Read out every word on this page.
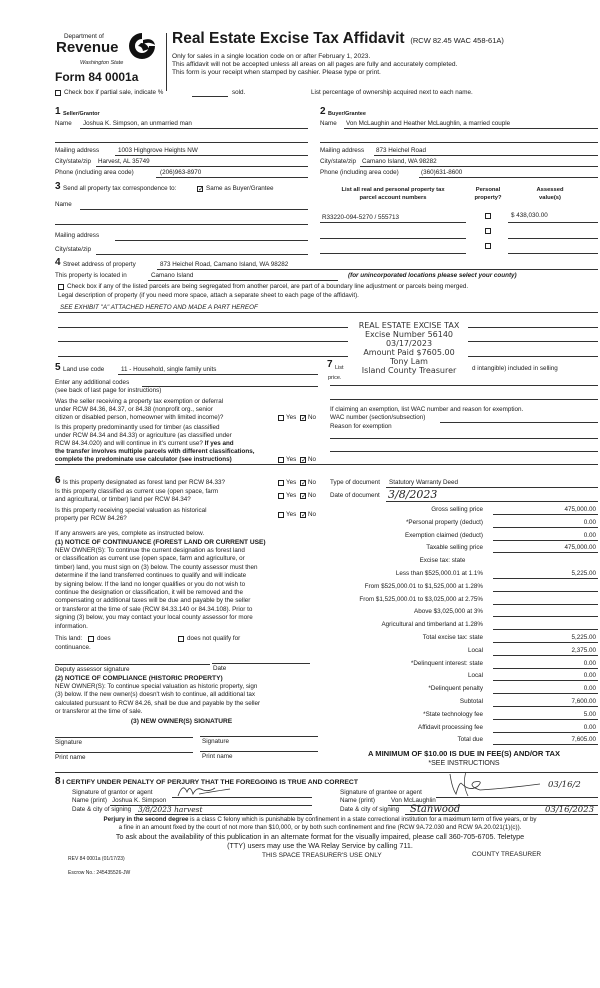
Department of
Revenue
Washington State
Form 84 0001a
Real Estate Excise Tax Affidavit (RCW 82.45 WAC 458-61A)
Only for sales in a single location code on or after February 1, 2023.
This affidavit will not be accepted unless all areas on all pages are fully and accurately completed.
This form is your receipt when stamped by cashier. Please type or print.
Check box if partial sale, indicate %	sold.	List percentage of ownership acquired next to each name.
1 Seller/Grantor
Name Joshua K. Simpson, an unmarried man
Mailing address	1003 Highgrove Heights NW
City/state/zip Harvest, AL 35749
Phone (including area code)	(206)963-8970
2 Buyer/Grantee
Name Von McLaughin and Heather McLaughlin, a married couple
Mailing address 873 Heichel Road
City/state/zip Camano Island, WA 98282
Phone (including area code)	(360)631-8600
3 Send all property tax correspondence to:	✓ Same as Buyer/Grantee
Name
Mailing address
City/state/zip
List all real and personal property tax
parcel account numbers
Personal
property?
Assessed
value(s)
R33220-094-5270 / 555713	$ 438,030.00
4 Street address of property	873 Heichel Road, Camano Island, WA 98282
This property is located in	Camano Island	(for unincorporated locations please select your county)
Check box if any of the listed parcels are being segregated from another parcel, are part of a boundary line adjustment or parcels being merged.
Legal description of property (if you need more space, attach a separate sheet to each page of the affidavit).
SEE EXHIBIT "A" ATTACHED HERETO AND MADE A PART HEREOF
REAL ESTATE EXCISE TAX
Excise Number 56140
03/17/2023
Amount Paid $7605.00
Tony Lam
Island County Treasurer
5 Land use code	11 - Household, single family units
Enter any additional codes
(see back of last page for instructions)
Was the seller receiving a property tax exemption or deferral
under RCW 84.36, 84.37, or 84.38 (nonprofit org., senior
citizen or disabled person, homeowner with limited income)?	Yes ✓ No
Is this property predominantly used for timber (as classified
under RCW 84.34 and 84.33) or agriculture (as classified under
RCW 84.34.020) and will continue in it's current use? If yes and
the transfer involves multiple parcels with different classifications,
complete the predominate use calculator (see instructions)	Yes ✓ No
7 List
price.
d intangible) included in selling
If claiming an exemption, list WAC number and reason for exemption.
WAC number (section/subsection)
Reason for exemption
6 Is this property designated as forest land per RCW 84.33?	Yes ✓ No
Is this property classified as current use (open space, farm
and agricultural, or timber) land per RCW 84.34?
Yes ✓ No
Is this property receiving special valuation as historical
property per RCW 84.26?
Yes ✓ No
If any answers are yes, complete as instructed below.
(1) NOTICE OF CONTINUANCE (FOREST LAND OR CURRENT USE)
NEW OWNER(S): To continue the current designation as forest land
or classification as current use (open space, farm and agriculture, or
timber) land, you must sign on (3) below. The county assessor must then
determine if the land transferred continues to qualify and will indicate
by signing below. If the land no longer qualifies or you do not wish to
continue the designation or classification, it will be removed and the
compensating or additional taxes will be due and payable by the seller
or transferor at the time of sale (RCW 84.33.140 or 84.34.108). Prior to
signing (3) below, you may contact your local county assessor for more
information.
This land: does	does not qualify for
continuance.
Deputy assessor signature	Date
(2) NOTICE OF COMPLIANCE (HISTORIC PROPERTY)
NEW OWNER(S): To continue special valuation as historic property, sign
(3) below. If the new owner(s) doesn't wish to continue, all additional tax
calculated pursuant to RCW 84.26, shall be due and payable by the seller
or transferor at the time of sale.
(3) NEW OWNER(S) SIGNATURE
Signature	Signature
Print name	Print name
Type of document Statutory Warranty Deed
Date of document 3/8/2023
Gross selling price	475,000.00
*Personal property (deduct)	0.00
Exemption claimed (deduct)	0.00
Taxable selling price	475,000.00
Excise tax: state
Less than $525,000.01 at 1.1%	5,225.00
From $525,000.01 to $1,525,000 at 1.28%
From $1,525,000.01 to $3,025,000 at 2.75%
Above $3,025,000 at 3%
Agricultural and timberland at 1.28%
Total excise tax: state	5,225.00
Local	2,375.00
*Delinquent interest: state	0.00
Local	0.00
*Delinquent penalty	0.00
Subtotal	7,600.00
*State technology fee	5.00
Affidavit processing fee	0.00
Total due	7,605.00
A MINIMUM OF $10.00 IS DUE IN FEE(S) AND/OR TAX
*SEE INSTRUCTIONS
8 I CERTIFY UNDER PENALTY OF PERJURY THAT THE FOREGOING IS TRUE AND CORRECT
Signature of grantor or agent
Name (print) Joshua K. Simpson
Date & city of signing 3/8/2023 harvest
Signature of grantee or agent
03/16/2
Name (print)	Von McLaughlin
Date & city of signing Stanwood	03/16/2023
Perjury in the second degree is a class C felony which is punishable by confinement in a state correctional institution for a maximum term of five years, or by
a fine in an amount fixed by the court of not more than $10,000, or by both such confinement and fine (RCW 9A.72.030 and RCW 9A.20.021(1)(c)).
To ask about the availability of this publication in an alternate format for the visually impaired, please call 360-705-6705. Teletype
(TTY) users may use the WA Relay Service by calling 711.
REV 84 0001a (01/17/23)	THIS SPACE TREASURER'S USE ONLY	COUNTY TREASURER
Escrow No.: 245435526-JW
